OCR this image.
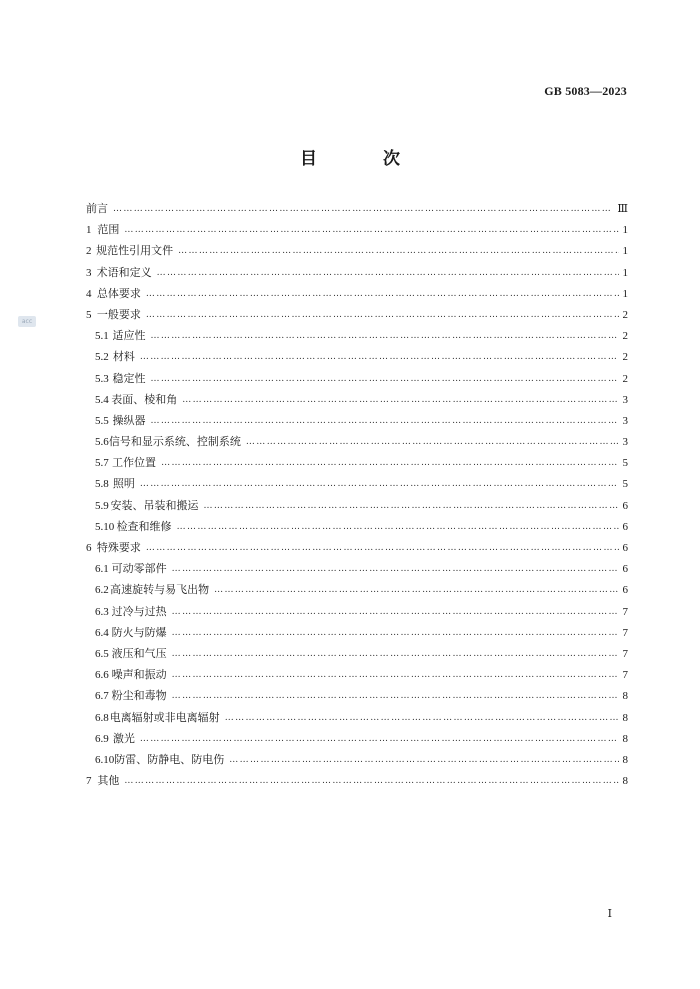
GB 5083—2023
acc
目 次
前言 …………………………………………………………………………………………………………………………………………………………………………………	Ⅲ
1 范围 …………………………………………………………………………………………………………………………………………………………………………………	1
2 规范性引用文件 …………………………………………………………………………………………………………………………………………………………………………………	1
3 术语和定义 …………………………………………………………………………………………………………………………………………………………………………………	1
4 总体要求 …………………………………………………………………………………………………………………………………………………………………………………	1
5 一般要求 …………………………………………………………………………………………………………………………………………………………………………………	2
5.1 适应性 …………………………………………………………………………………………………………………………………………………………………………………	2
5.2 材料 …………………………………………………………………………………………………………………………………………………………………………………	2
5.3 稳定性 …………………………………………………………………………………………………………………………………………………………………………………	2
5.4 表面、棱和角 …………………………………………………………………………………………………………………………………………………………………………………	3
5.5 操纵器 …………………………………………………………………………………………………………………………………………………………………………………	3
5.6 信号和显示系统、控制系统 …………………………………………………………………………………………………………………………………………………………………………………	3
5.7 工作位置 …………………………………………………………………………………………………………………………………………………………………………………	5
5.8 照明 …………………………………………………………………………………………………………………………………………………………………………………	5
5.9 安装、吊装和搬运 …………………………………………………………………………………………………………………………………………………………………………………	6
5.10 检查和维修 …………………………………………………………………………………………………………………………………………………………………………………	6
6 特殊要求 …………………………………………………………………………………………………………………………………………………………………………………	6
6.1 可动零部件 …………………………………………………………………………………………………………………………………………………………………………………	6
6.2 高速旋转与易飞出物 …………………………………………………………………………………………………………………………………………………………………………………	6
6.3 过冷与过热 …………………………………………………………………………………………………………………………………………………………………………………	7
6.4 防火与防爆 …………………………………………………………………………………………………………………………………………………………………………………	7
6.5 液压和气压 …………………………………………………………………………………………………………………………………………………………………………………	7
6.6 噪声和振动 …………………………………………………………………………………………………………………………………………………………………………………	7
6.7 粉尘和毒物 …………………………………………………………………………………………………………………………………………………………………………………	8
6.8 电离辐射或非电离辐射 …………………………………………………………………………………………………………………………………………………………………………………	8
6.9 激光 …………………………………………………………………………………………………………………………………………………………………………………	8
6.10 防雷、防静电、防电伤 …………………………………………………………………………………………………………………………………………………………………………………	8
7 其他 …………………………………………………………………………………………………………………………………………………………………………………	8
Ⅰ
